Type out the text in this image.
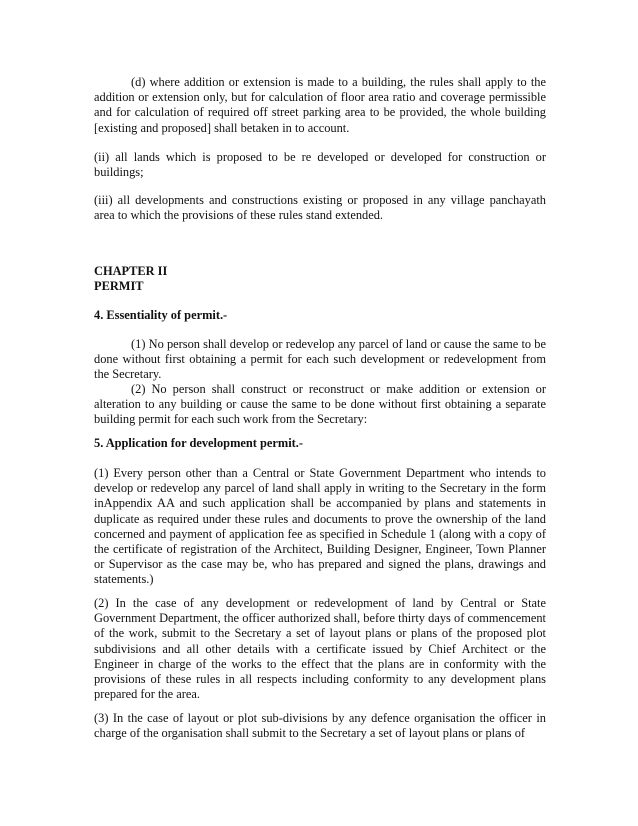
(d) where addition or extension is made to a building, the rules shall apply to the addition or extension only, but for calculation of floor area ratio and coverage permissible and for calculation of required off street parking area to be provided, the whole building [existing and proposed] shall betaken in to account.

(ii) all lands which is proposed to be re developed or developed for construction or buildings;

(iii) all developments and constructions existing or proposed in any village panchayath area to which the provisions of these rules stand extended.

CHAPTER II

PERMIT

4. Essentiality of permit.-

(1) No person shall develop or redevelop any parcel of land or cause the same to be done without first obtaining a permit for each such development or redevelopment from the Secretary.

(2) No person shall construct or reconstruct or make addition or extension or alteration to any building or cause the same to be done without first obtaining a separate building permit for each such work from the Secretary:

5. Application for development permit.-

(1) Every person other than a Central or State Government Department who intends to develop or redevelop any parcel of land shall apply in writing to the Secretary in the form inAppendix AA and such application shall be accompanied by plans and statements in duplicate as required under these rules and documents to prove the ownership of the land concerned and payment of application fee as specified in Schedule 1 (along with a copy of the certificate of registration of the Architect, Building Designer, Engineer, Town Planner or Supervisor as the case may be, who has prepared and signed the plans, drawings and statements.)

(2) In the case of any development or redevelopment of land by Central or State Government Department, the officer authorized shall, before thirty days of commencement of the work, submit to the Secretary a set of layout plans or plans of the proposed plot subdivisions and all other details with a certificate issued by Chief Architect or the Engineer in charge of the works to the effect that the plans are in conformity with the provisions of these rules in all respects including conformity to any development plans prepared for the area.

(3) In the case of layout or plot sub-divisions by any defence organisation the officer in charge of the organisation shall submit to the Secretary a set of layout plans or plans of
